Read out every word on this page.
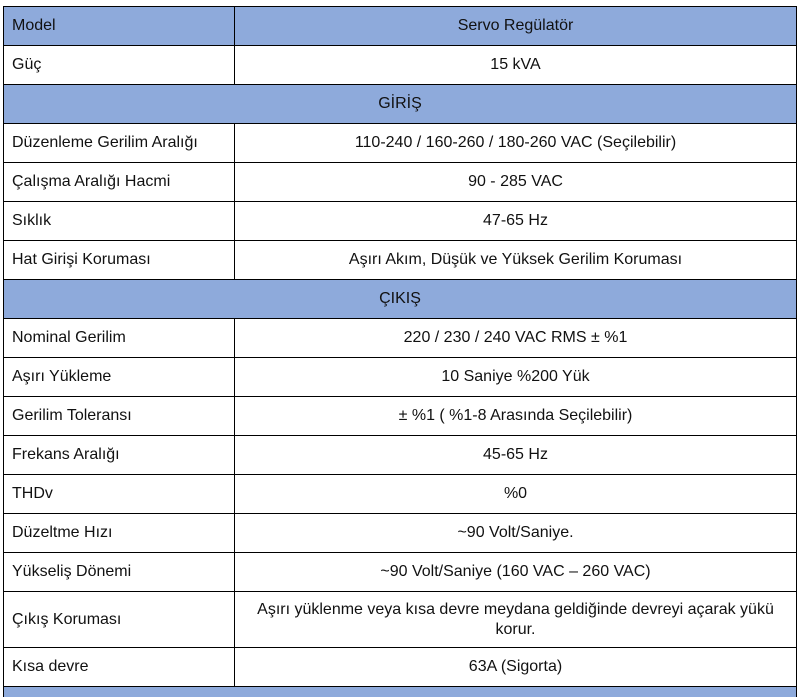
Model	Servo Regülatör
Güç	15 kVA
GİRİŞ	
Düzenleme Gerilim Aralığı	110-240 / 160-260 / 180-260 VAC (Seçilebilir)
Çalışma Aralığı Hacmi	90 - 285 VAC
Sıklık	47-65 Hz
Hat Girişi Koruması	Aşırı Akım, Düşük ve Yüksek Gerilim Koruması
ÇIKIŞ	
Nominal Gerilim	220 / 230 / 240 VAC RMS ± %1
Aşırı Yükleme	10 Saniye %200 Yük
Gerilim Toleransı	± %1 ( %1-8 Arasında Seçilebilir)
Frekans Aralığı	45-65 Hz
THDv	%0
Düzeltme Hızı	~90 Volt/Saniye.
Yükseliş Dönemi	~90 Volt/Saniye (160 VAC – 260 VAC)
Çıkış Koruması	Aşırı yüklenme veya kısa devre meydana geldiğinde devreyi açarak yükü korur.
Kısa devre	63A (Sigorta)
